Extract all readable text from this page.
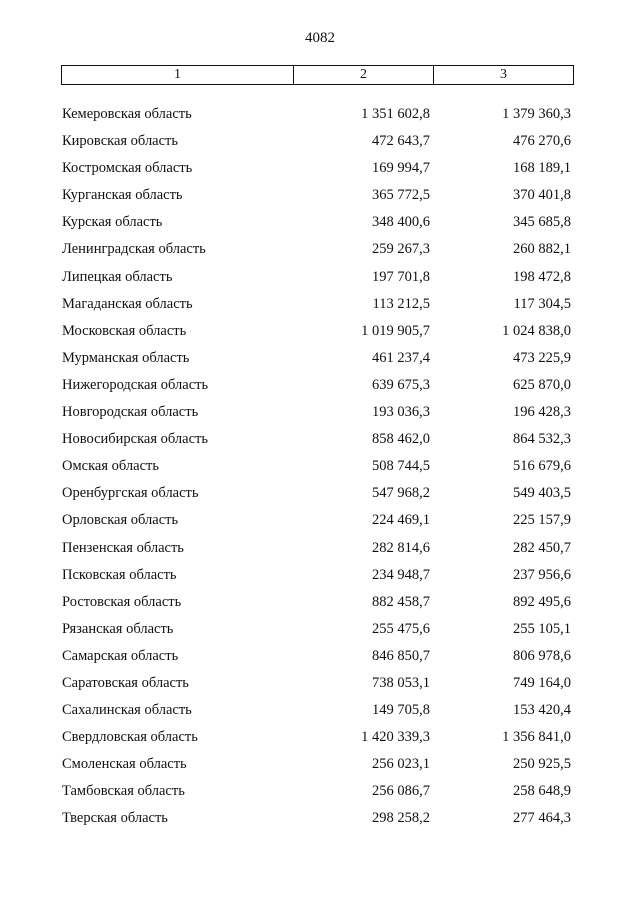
4082
1	2	3
Кемеровская область	1 351 602,8	1 379 360,3
Кировская область	472 643,7	476 270,6
Костромская область	169 994,7	168 189,1
Курганская область	365 772,5	370 401,8
Курская область	348 400,6	345 685,8
Ленинградская область	259 267,3	260 882,1
Липецкая область	197 701,8	198 472,8
Магаданская область	113 212,5	117 304,5
Московская область	1 019 905,7	1 024 838,0
Мурманская область	461 237,4	473 225,9
Нижегородская область	639 675,3	625 870,0
Новгородская область	193 036,3	196 428,3
Новосибирская область	858 462,0	864 532,3
Омская область	508 744,5	516 679,6
Оренбургская область	547 968,2	549 403,5
Орловская область	224 469,1	225 157,9
Пензенская область	282 814,6	282 450,7
Псковская область	234 948,7	237 956,6
Ростовская область	882 458,7	892 495,6
Рязанская область	255 475,6	255 105,1
Самарская область	846 850,7	806 978,6
Саратовская область	738 053,1	749 164,0
Сахалинская область	149 705,8	153 420,4
Свердловская область	1 420 339,3	1 356 841,0
Смоленская область	256 023,1	250 925,5
Тамбовская область	256 086,7	258 648,9
Тверская область	298 258,2	277 464,3
